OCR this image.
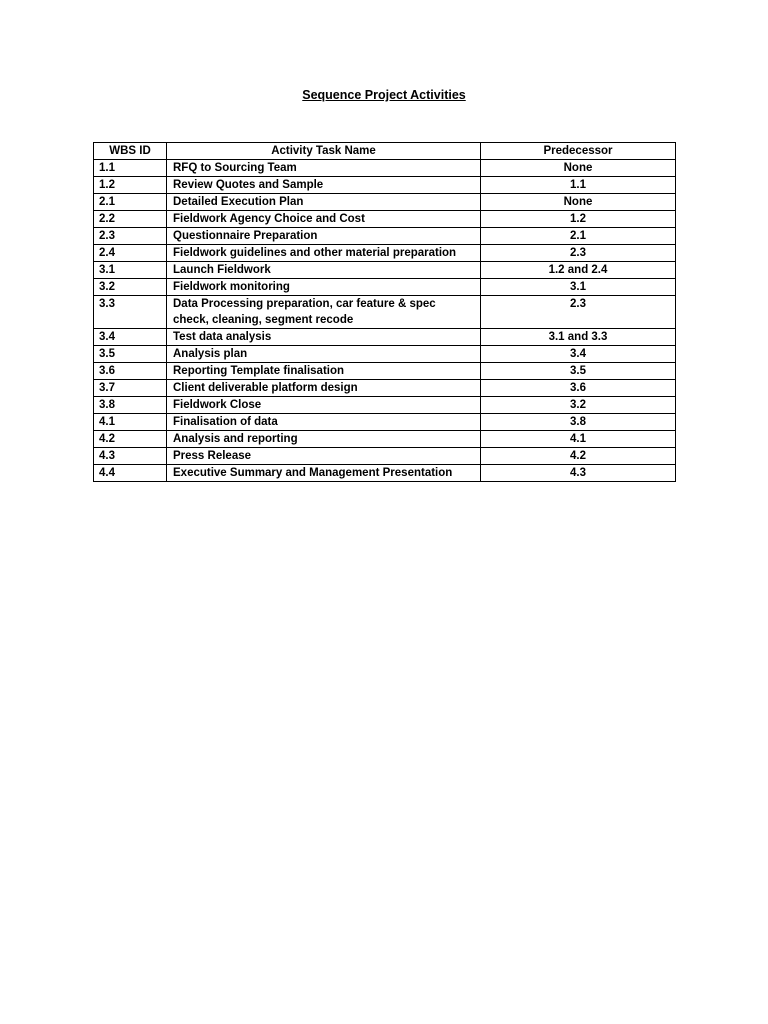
Sequence Project Activities
WBS ID	Activity Task Name	Predecessor
1.1	RFQ to Sourcing Team	None
1.2	Review Quotes and Sample	1.1
2.1	Detailed Execution Plan	None
2.2	Fieldwork Agency Choice and Cost	1.2
2.3	Questionnaire Preparation	2.1
2.4	Fieldwork guidelines and other material preparation	2.3
3.1	Launch Fieldwork	1.2 and 2.4
3.2	Fieldwork monitoring	3.1
3.3	Data Processing preparation, car feature & spec check, cleaning, segment recode	2.3
3.4	Test data analysis	3.1 and 3.3
3.5	Analysis plan	3.4
3.6	Reporting Template finalisation	3.5
3.7	Client deliverable platform design	3.6
3.8	Fieldwork Close	3.2
4.1	Finalisation of data	3.8
4.2	Analysis and reporting	4.1
4.3	Press Release	4.2
4.4	Executive Summary and Management Presentation	4.3
